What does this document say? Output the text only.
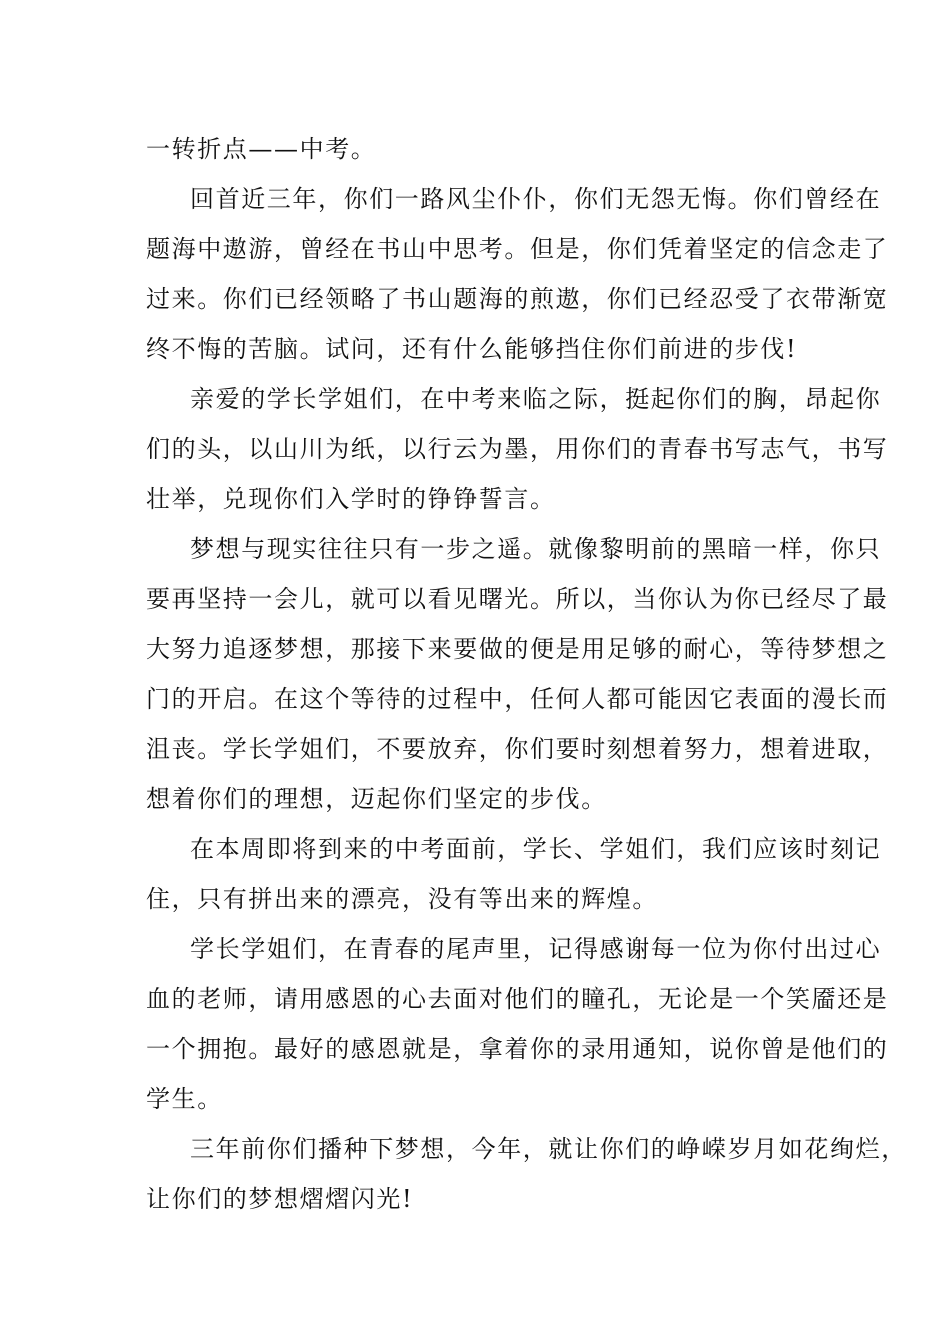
一转折点——中考。
回首近三年，你们一路风尘仆仆，你们无怨无悔。你们曾经在
题海中遨游，曾经在书山中思考。但是，你们凭着坚定的信念走了
过来。你们已经领略了书山题海的煎遨，你们已经忍受了衣带渐宽
终不悔的苦脑。试问，还有什么能够挡住你们前进的步伐!
亲爱的学长学姐们，在中考来临之际，挺起你们的胸，昂起你
们的头，以山川为纸，以行云为墨，用你们的青春书写志气，书写
壮举，兑现你们入学时的铮铮誓言。
梦想与现实往往只有一步之遥。就像黎明前的黑暗一样，你只
要再坚持一会儿，就可以看见曙光。所以，当你认为你已经尽了最
大努力追逐梦想，那接下来要做的便是用足够的耐心，等待梦想之
门的开启。在这个等待的过程中，任何人都可能因它表面的漫长而
沮丧。学长学姐们，不要放弃，你们要时刻想着努力，想着进取，
想着你们的理想，迈起你们坚定的步伐。
在本周即将到来的中考面前，学长、学姐们，我们应该时刻记
住，只有拼出来的漂亮，没有等出来的辉煌。
学长学姐们，在青春的尾声里，记得感谢每一位为你付出过心
血的老师，请用感恩的心去面对他们的瞳孔，无论是一个笑靥还是
一个拥抱。最好的感恩就是，拿着你的录用通知，说你曾是他们的
学生。
三年前你们播种下梦想，今年，就让你们的峥嵘岁月如花绚烂，
让你们的梦想熠熠闪光!
